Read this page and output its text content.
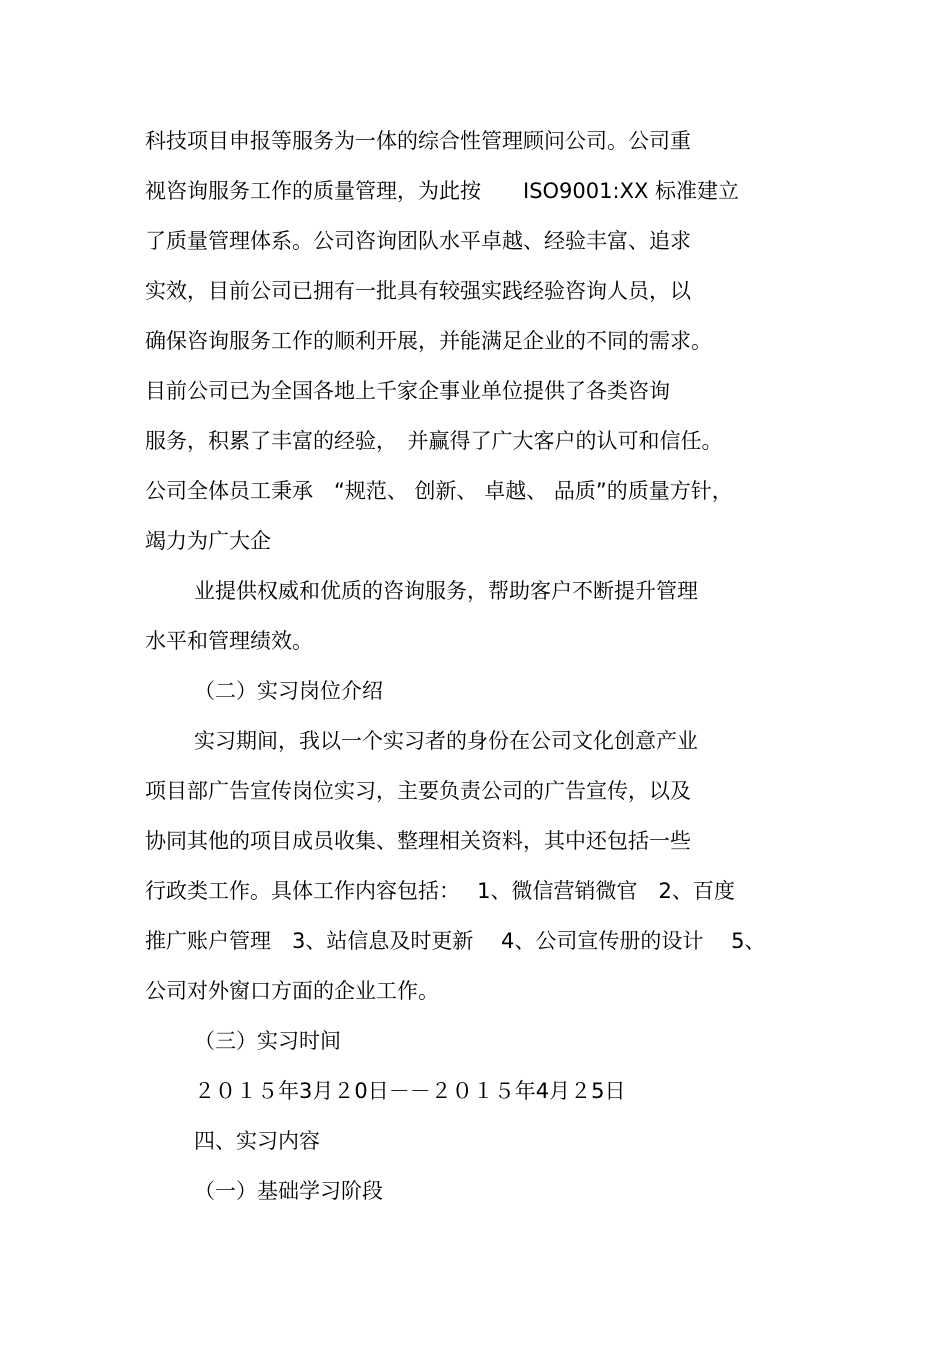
科技项目申报等服务为一体的综合性管理顾问公司。公司重
视咨询服务工作的质量管理，为此按　　ISO9001:XX 标准建立
了质量管理体系。公司咨询团队水平卓越、经验丰富、追求
实效，目前公司已拥有一批具有较强实践经验咨询人员，以
确保咨询服务工作的顺利开展，并能满足企业的不同的需求。
目前公司已为全国各地上千家企事业单位提供了各类咨询
服务，积累了丰富的经验，　并赢得了广大客户的认可和信任。
公司全体员工秉承　“规范、 创新、 卓越、 品质”的质量方针，
竭力为广大企
业提供权威和优质的咨询服务，帮助客户不断提升管理
水平和管理绩效。
（二）实习岗位介绍
实习期间，我以一个实习者的身份在公司文化创意产业
项目部广告宣传岗位实习，主要负责公司的广告宣传，以及
协同其他的项目成员收集、整理相关资料，其中还包括一些
行政类工作。具体工作内容包括：　 1、微信营销微官　2、百度
推广账户管理　3、站信息及时更新　 4、公司宣传册的设计　 5、
公司对外窗口方面的企业工作。
（三）实习时间
２０１５年3月２0日－－２０１５年4月２5日
四、实习内容
（一）基础学习阶段
